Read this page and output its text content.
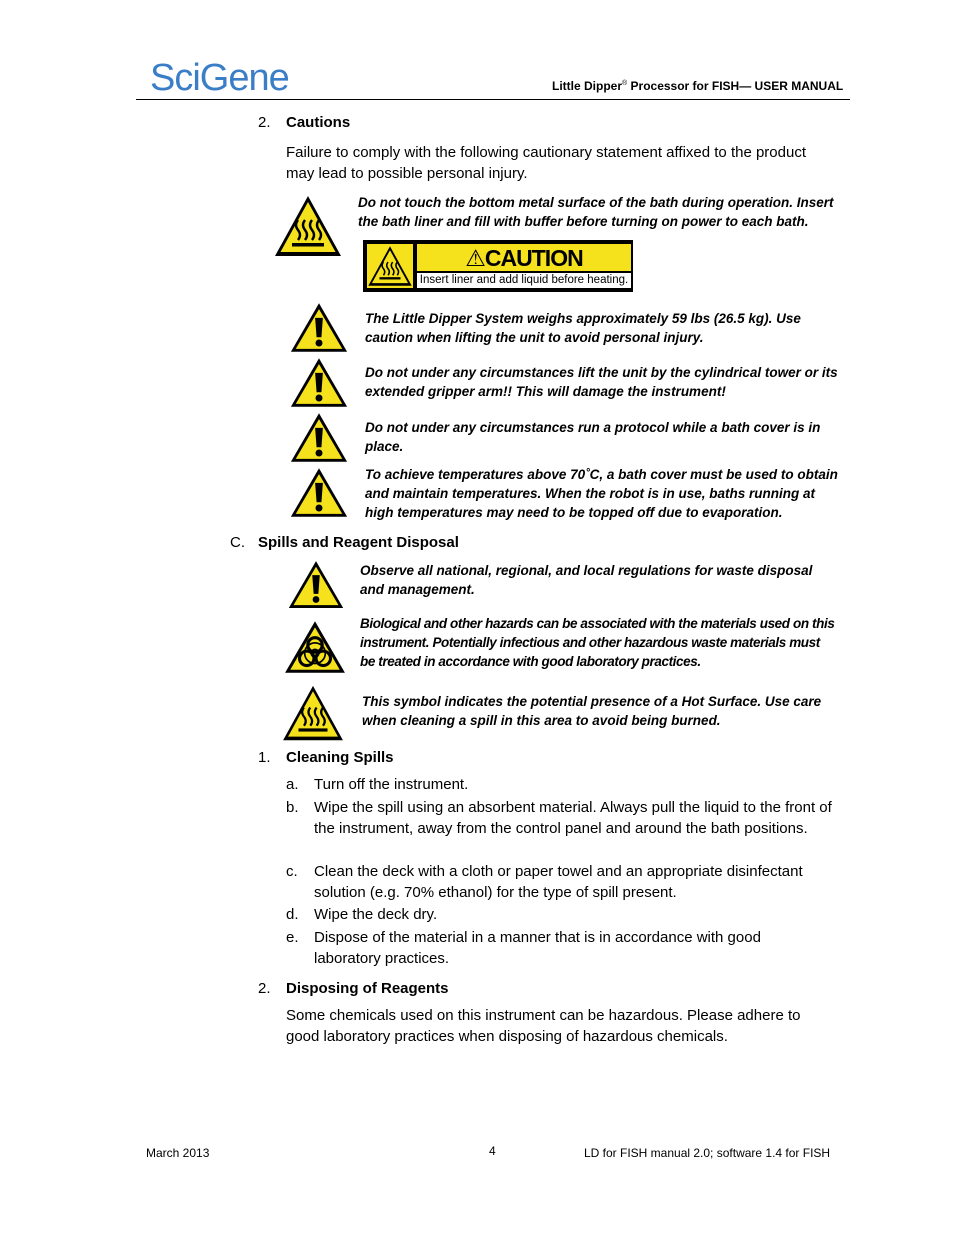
SciGene	Little Dipper® Processor for FISH— USER MANUAL
2. Cautions
Failure to comply with the following cautionary statement affixed to the product may lead to possible personal injury.
Do not touch the bottom metal surface of the bath during operation. Insert the bath liner and fill with buffer before turning on power to each bath.
⚠CAUTION
Insert liner and add liquid before heating.
The Little Dipper System weighs approximately 59 lbs (26.5 kg). Use caution when lifting the unit to avoid personal injury.
Do not under any circumstances lift the unit by the cylindrical tower or its extended gripper arm!! This will damage the instrument!
Do not under any circumstances run a protocol while a bath cover is in place.
To achieve temperatures above 70˚C, a bath cover must be used to obtain and maintain temperatures. When the robot is in use, baths running at high temperatures may need to be topped off due to evaporation.
C. Spills and Reagent Disposal
Observe all national, regional, and local regulations for waste disposal and management.
Biological and other hazards can be associated with the materials used on this instrument. Potentially infectious and other hazardous waste materials must be treated in accordance with good laboratory practices.
This symbol indicates the potential presence of a Hot Surface. Use care when cleaning a spill in this area to avoid being burned.
1. Cleaning Spills
a. Turn off the instrument.
b. Wipe the spill using an absorbent material. Always pull the liquid to the front of the instrument, away from the control panel and around the bath positions.
c. Clean the deck with a cloth or paper towel and an appropriate disinfectant solution (e.g. 70% ethanol) for the type of spill present.
d. Wipe the deck dry.
e. Dispose of the material in a manner that is in accordance with good laboratory practices.
2. Disposing of Reagents
Some chemicals used on this instrument can be hazardous. Please adhere to good laboratory practices when disposing of hazardous chemicals.
March 2013	4	LD for FISH manual 2.0; software 1.4 for FISH
